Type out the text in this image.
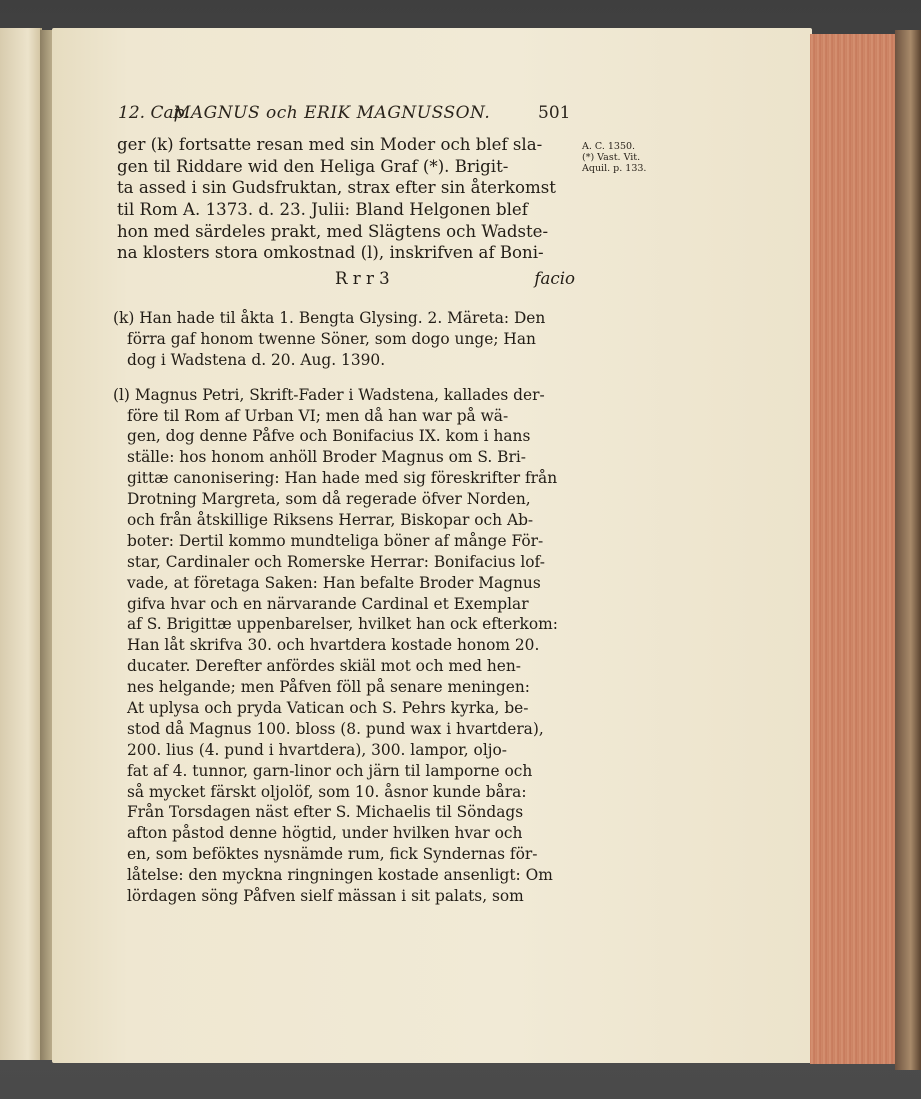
12. Cap.
MAGNUS och ERIK MAGNUSSON.	501
A. C. 1350.
(*) Vast. Vit.
Aquil. p. 133.
ger (k) fortsatte resan med sin Moder och blef sla-
gen til Riddare wid den Heliga Graf (*). Brigit-
ta assed i sin Gudsfruktan, strax efter sin återkomst
til Rom A. 1373. d. 23. Julii: Bland Helgonen blef
hon med särdeles prakt, med Slägtens och Wadste-
na klosters stora omkostnad (l), inskrifven af Boni-
R r r 3	facio
(k) Han hade til åkta 1. Bengta Glysing. 2. Märeta: Den
förra gaf honom twenne Söner, som dogo unge; Han
dog i Wadstena d. 20. Aug. 1390.
(l) Magnus Petri, Skrift-Fader i Wadstena, kallades der-
före til Rom af Urban VI; men då han war på wä-
gen, dog denne Påfve och Bonifacius IX. kom i hans
ställe: hos honom anhöll Broder Magnus om S. Bri-
gittæ canonisering: Han hade med sig föreskrifter från
Drotning Margreta, som då regerade öfver Norden,
och från åtskillige Riksens Herrar, Biskopar och Ab-
boter: Dertil kommo mundteliga böner af månge För-
star, Cardinaler och Romerske Herrar: Bonifacius lof-
vade, at företaga Saken: Han befalte Broder Magnus
gifva hvar och en närvarande Cardinal et Exemplar
af S. Brigittæ uppenbarelser, hvilket han ock efterkom:
Han låt skrifva 30. och hvartdera kostade honom 20.
ducater. Derefter anfördes skiäl mot och med hen-
nes helgande; men Påfven föll på senare meningen:
At uplysa och pryda Vatican och S. Pehrs kyrka, be-
stod då Magnus 100. bloss (8. pund wax i hvartdera),
200. lius (4. pund i hvartdera), 300. lampor, oljo-
fat af 4. tunnor, garn-linor och järn til lamporne och
så mycket färskt oljolöf, som 10. åsnor kunde båra:
Från Torsdagen näst efter S. Michaelis til Söndags
afton påstod denne högtid, under hvilken hvar och
en, som beföktes nysnämde rum, fick Syndernas för-
låtelse: den myckna ringningen kostade ansenligt: Om
lördagen söng Påfven sielf mässan i sit palats, som
